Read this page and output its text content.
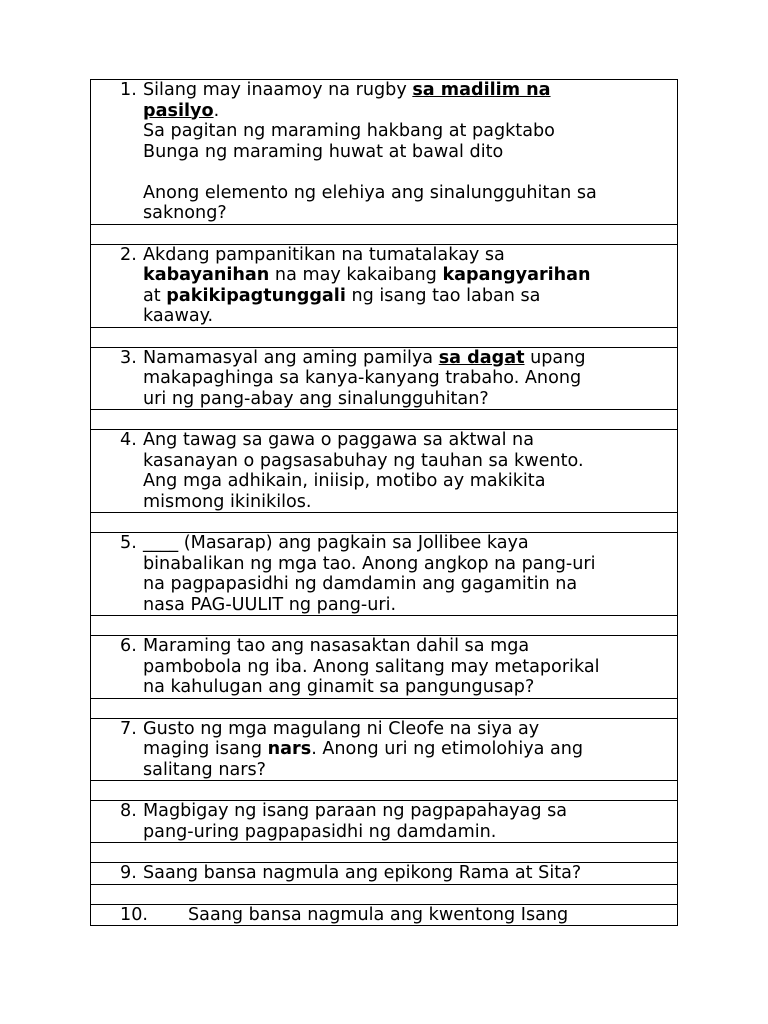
1. Silang may inaamoy na rugby sa madilim na
pasilyo.
Sa pagitan ng maraming hakbang at pagktabo
Bunga ng maraming huwat at bawal dito
Anong elemento ng elehiya ang sinalungguhitan sa
saknong?

2. Akdang pampanitikan na tumatalakay sa
kabayanihan na may kakaibang kapangyarihan
at pakikipagtunggali ng isang tao laban sa
kaaway.

3. Namamasyal ang aming pamilya sa dagat upang
makapaghinga sa kanya-kanyang trabaho. Anong
uri ng pang-abay ang sinalungguhitan?

4. Ang tawag sa gawa o paggawa sa aktwal na
kasanayan o pagsasabuhay ng tauhan sa kwento.
Ang mga adhikain, iniisip, motibo ay makikita
mismong ikinikilos.

5. ____ (Masarap) ang pagkain sa Jollibee kaya
binabalikan ng mga tao. Anong angkop na pang-uri
na pagpapasidhi ng damdamin ang gagamitin na
nasa PAG-UULIT ng pang-uri.

6. Maraming tao ang nasasaktan dahil sa mga
pambobola ng iba. Anong salitang may metaporikal
na kahulugan ang ginamit sa pangungusap?

7. Gusto ng mga magulang ni Cleofe na siya ay
maging isang nars. Anong uri ng etimolohiya ang
salitang nars?

8. Magbigay ng isang paraan ng pagpapahayag sa
pang-uring pagpapasidhi ng damdamin.

9. Saang bansa nagmula ang epikong Rama at Sita?

10. Saang bansa nagmula ang kwentong Isang
